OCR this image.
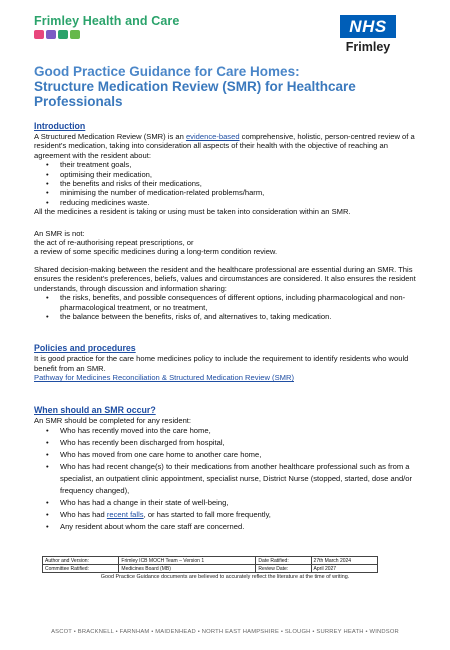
Frimley Health and Care	NHS
Frimley
Good Practice Guidance for Care Homes:
Structure Medication Review (SMR) for Healthcare Professionals
Introduction

A Structured Medication Review (SMR) is an evidence-based comprehensive, holistic, person-centred review of a resident's medication, taking into consideration all aspects of their health with the objective of reaching an agreement with the resident about:

• their treatment goals,
• optimising their medication,
• the benefits and risks of their medications,
• minimising the number of medication-related problems/harm,
• reducing medicines waste.

All the medicines a resident is taking or using must be taken into consideration within an SMR.

An SMR is not:

the act of re-authorising repeat prescriptions, or

a review of some specific medicines during a long-term condition review.

Shared decision-making between the resident and the healthcare professional are essential during an SMR. This ensures the resident's preferences, beliefs, values and circumstances are considered. It also ensures the resident understands, through discussion and information sharing:

• the risks, benefits, and possible consequences of different options, including pharmacological and non-pharmacological treatment, or no treatment,
• the balance between the benefits, risks of, and alternatives to, taking medication.
Policies and procedures

It is good practice for the care home medicines policy to include the requirement to identify residents who would benefit from an SMR.

Pathway for Medicines Reconciliation & Structured Medication Review (SMR)

When should an SMR occur?

An SMR should be completed for any resident:

• Who has recently moved into the care home,
• Who has recently been discharged from hospital,
• Who has moved from one care home to another care home,
• Who has had recent change(s) to their medications from another healthcare professional such as from a specialist, an outpatient clinic appointment, specialist nurse, District Nurse (stopped, started, dose and/or frequency changed),
• Who has had a change in their state of well-being,
• Who has had recent falls, or has started to fall more frequently,
• Any resident about whom the care staff are concerned.
Author and Version:	Frimley ICB MOCH Team – Version 1	Date Ratified:	27th March 2024
Committee Ratified:	Medicines Board (MB)	Review Date:	April 2027
Good Practice Guidance documents are believed to accurately reflect the literature at the time of writing.
ASCOT • BRACKNELL • FARNHAM • MAIDENHEAD • NORTH EAST HAMPSHIRE • SLOUGH • SURREY HEATH • WINDSOR
